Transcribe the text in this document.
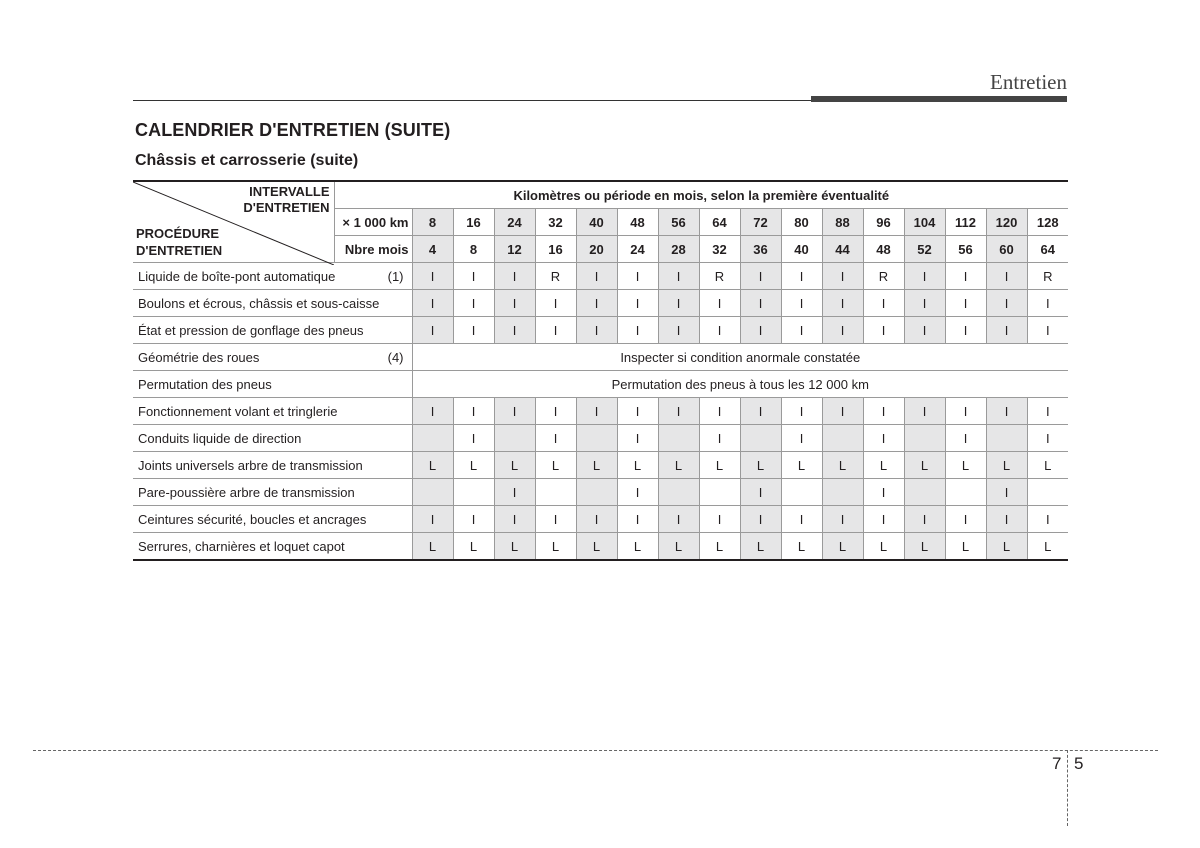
Entretien
CALENDRIER D'ENTRETIEN (SUITE)
Châssis et carrosserie (suite)
INTERVALLE
D'ENTRETIEN
PROCÉDURE
D'ENTRETIEN	Kilomètres ou période en mois, selon la première éventualité																
	× 1 000 km	8	16	24	32	40	48	56	64	72	80	88	96	104	112	120	128
	Nbre mois	4	8	12	16	20	24	28	32	36	40	44	48	52	56	60	64
Liquide de boîte-pont automatique (1)		I	I	I	R	I	I	I	R	I	I	I	R	I	I	I	R
Boulons et écrous, châssis et sous-caisse		I	I	I	I	I	I	I	I	I	I	I	I	I	I	I	I
État et pression de gonflage des pneus		I	I	I	I	I	I	I	I	I	I	I	I	I	I	I	I
Géométrie des roues (4)		Inspecter si condition anormale constatée															
Permutation des pneus		Permutation des pneus à tous les 12 000 km															
Fonctionnement volant et tringlerie		I	I	I	I	I	I	I	I	I	I	I	I	I	I	I	I
Conduits liquide de direction			I		I		I		I		I		I		I		I
Joints universels arbre de transmission		L	L	L	L	L	L	L	L	L	L	L	L	L	L	L	L
Pare-poussière arbre de transmission				I			I			I			I			I	
Ceintures sécurité, boucles et ancrages		I	I	I	I	I	I	I	I	I	I	I	I	I	I	I	I
Serrures, charnières et loquet capot		L	L	L	L	L	L	L	L	L	L	L	L	L	L	L	L
7 5
